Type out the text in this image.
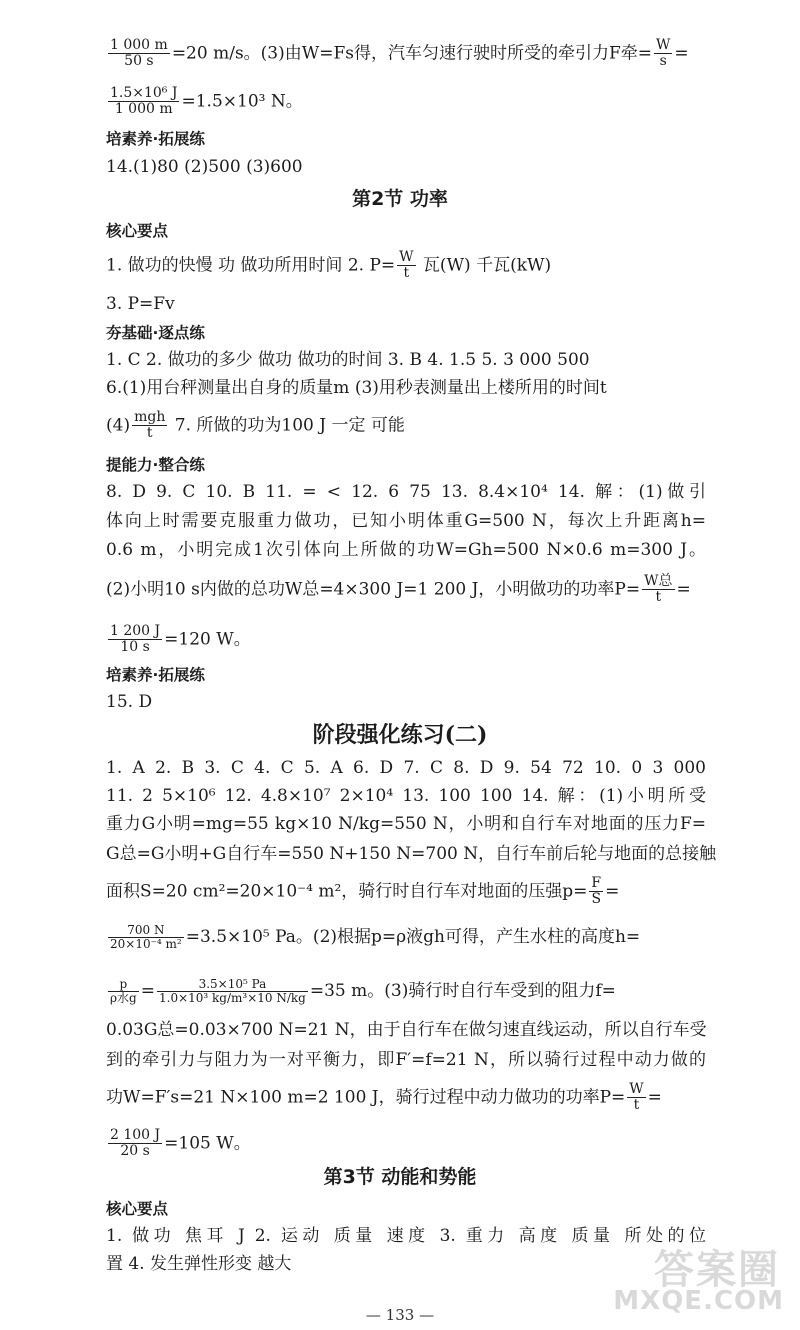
$\frac{1 000 m}{50 s} =20$ m/s。(3)由W=Fs得，汽车匀速行驶时所受的牵引力F牵= $\frac{W}{s}$ =
$\frac{\text{1.5×10⁶ J}}{1 000 m} =1.5\times 10^3$ N。
培素养·拓展练
14.(1)80 (2)500 (3)600
第2节 功率
核心要点
1. 做功的快慢 功 做功所用时间 2. $P= \frac{W}{t}$ 瓦(W) 千瓦(kW)
3. P=Fv
夯基础·逐点练
1. C 2. 做功的多少 做功 做功的时间 3. B 4. 1.5 5. 3 000 500
6.(1)用台秤测量出自身的质量m (3)用秒表测量出上楼所用的时间t
$(4) \frac{\text{mgh}}{t} 7$. 所做的功为100 J 一定 可能
提能力·整合练
8. D 9. C 10. B 11. = < 12. 6 75 13. 8.4×10⁴ 14. 解：(1)做引
体向上时需要克服重力做功，已知小明体重G=500 N，每次上升距离h=
0.6 m，小明完成1次引体向上所做的功W=Gh=500 N×0.6 m=300 J。
(2)小明10 s内做的总功W总=4×300 J=1 200 J，小明做功的功率$P= \frac{\text{W总}}{t}$ =
$\frac{1 200 J}{10 s} =120$ W。
培素养·拓展练
15. D
阶段强化练习(二)
1. A 2. B 3. C 4. C 5. A 6. D 7. C 8. D 9. 54 72 10. 0 3 000
11. 2 5×10⁶ 12. 4.8×10⁷ 2×10⁴ 13. 100 100 14. 解：(1)小明所受
重力G小明=mg=55 kg×10 N/kg=550 N，小明和自行车对地面的压力F=
G总=G小明+G自行车=550 N+150 N=700 N，自行车前后轮与地面的总接触
面积S=20 cm²=20×10⁻⁴ m²，骑行时自行车对地面的压强$p= \frac{F}{S}$ =
$\frac{700 N}{\text{20×10⁻⁴ m²}} =3.5\times 10^5$ Pa。(2)根据p=ρ液gh可得，产生水柱的高度h=
$\frac{p}{\text{ρ水g}} = \frac{\text{3.5×10⁵ Pa}}{\text{1.0×10³ kg/m³×10 N/kg}} =35$ m。(3)骑行时自行车受到的阻力f=
0.03G总=0.03×700 N=21 N，由于自行车在做匀速直线运动，所以自行车受
到的牵引力与阻力为一对平衡力，即F′=f=21 N，所以骑行过程中动力做的
功W=F′s=21 N×100 m=2 100 J，骑行过程中动力做功的功率$P= \frac{W}{t}$ =
$\frac{2 100 J}{20 s} =105$ W。
第3节 动能和势能
核心要点
1. 做功 焦耳 J 2. 运动 质量 速度 3. 重力 高度 质量 所处的位
置 4. 发生弹性形变 越大
— 133 —
答案圈
MXQE.COM
